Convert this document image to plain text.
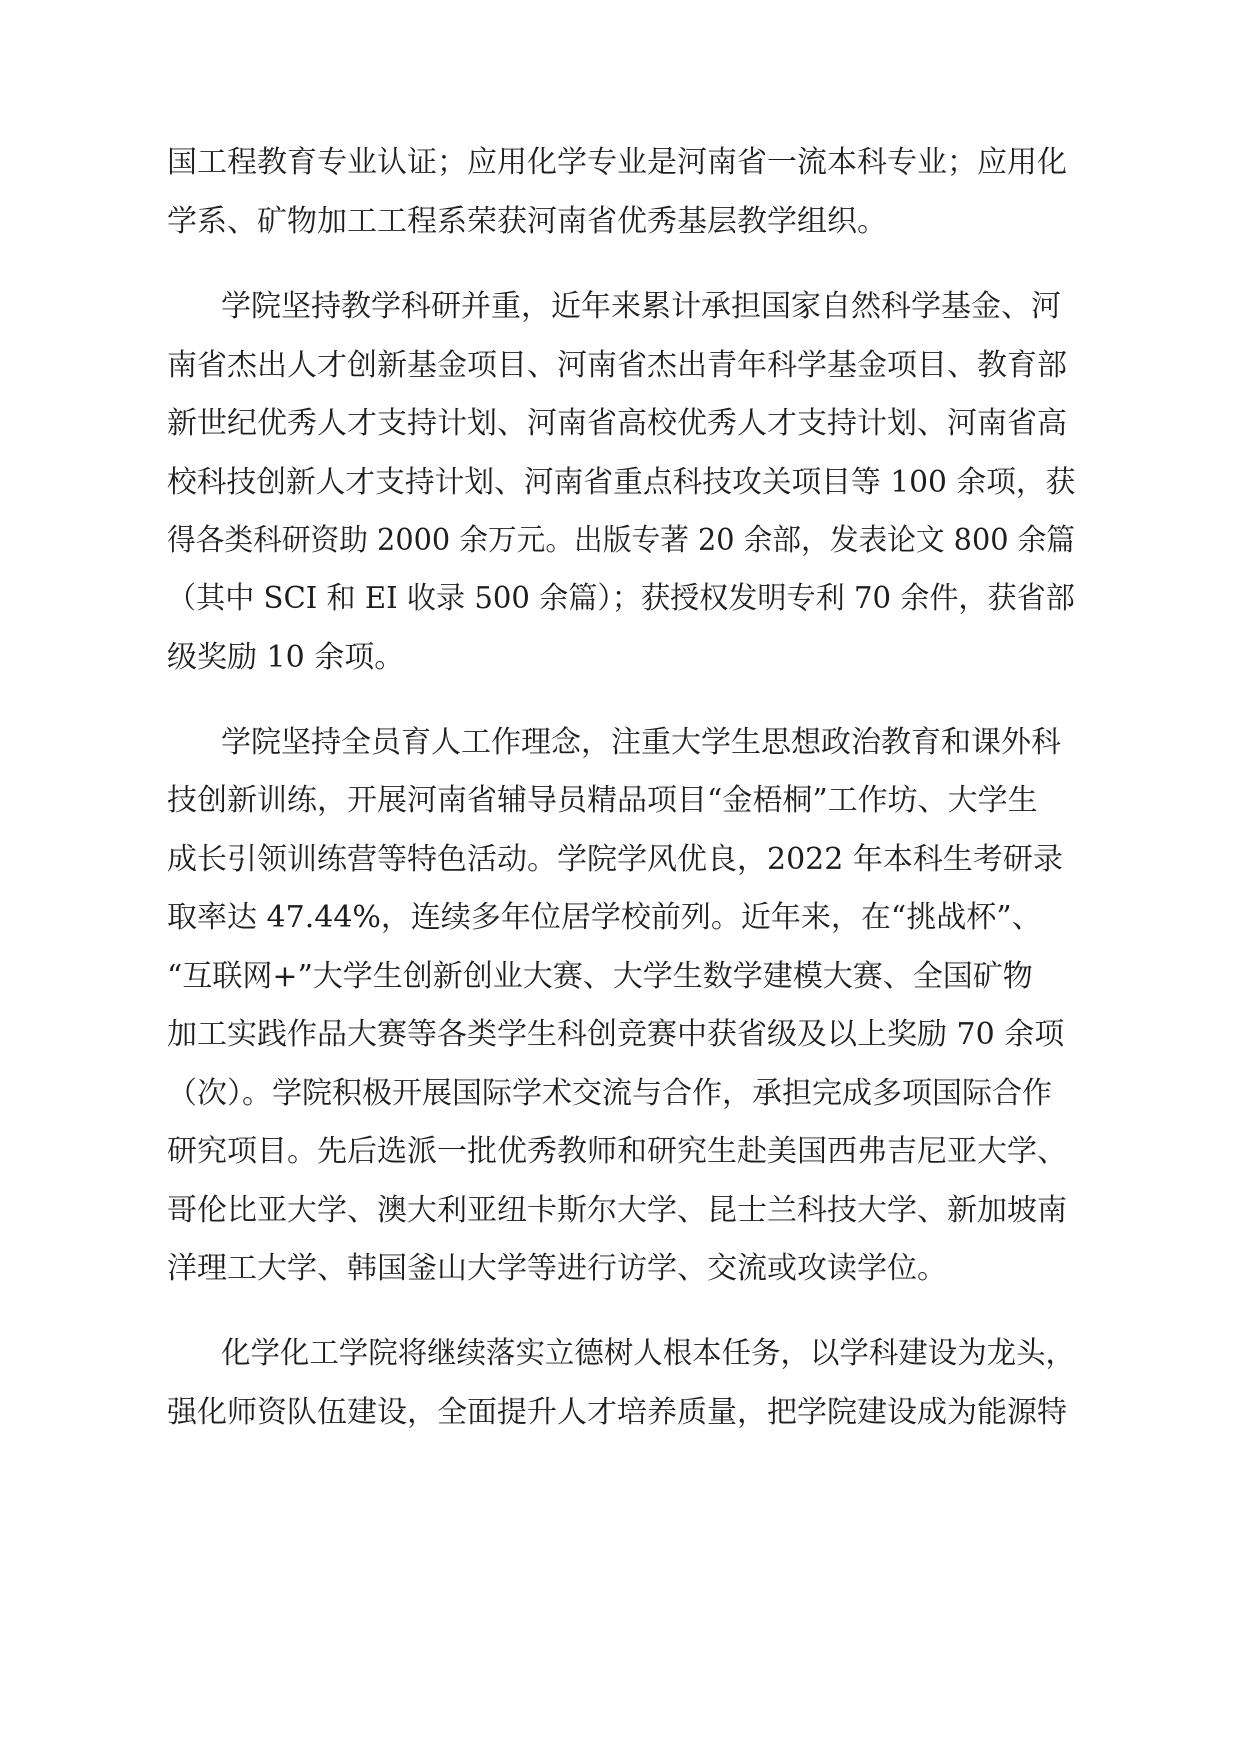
国工程教育专业认证；应用化学专业是河南省一流本科专业；应用化
学系、矿物加工工程系荣获河南省优秀基层教学组织。
学院坚持教学科研并重，近年来累计承担国家自然科学基金、河
南省杰出人才创新基金项目、河南省杰出青年科学基金项目、教育部
新世纪优秀人才支持计划、河南省高校优秀人才支持计划、河南省高
校科技创新人才支持计划、河南省重点科技攻关项目等 100 余项，获
得各类科研资助 2000 余万元。出版专著 20 余部，发表论文 800 余篇
（其中 SCI 和 EI 收录 500 余篇）；获授权发明专利 70 余件，获省部
级奖励 10 余项。
学院坚持全员育人工作理念，注重大学生思想政治教育和课外科
技创新训练，开展河南省辅导员精品项目“金梧桐”工作坊、大学生
成长引领训练营等特色活动。学院学风优良，2022 年本科生考研录
取率达 47.44%，连续多年位居学校前列。近年来，在“挑战杯”、
“互联网+”大学生创新创业大赛、大学生数学建模大赛、全国矿物
加工实践作品大赛等各类学生科创竞赛中获省级及以上奖励 70 余项
（次）。学院积极开展国际学术交流与合作，承担完成多项国际合作
研究项目。先后选派一批优秀教师和研究生赴美国西弗吉尼亚大学、
哥伦比亚大学、澳大利亚纽卡斯尔大学、昆士兰科技大学、新加坡南
洋理工大学、韩国釜山大学等进行访学、交流或攻读学位。
化学化工学院将继续落实立德树人根本任务，以学科建设为龙头，
强化师资队伍建设，全面提升人才培养质量，把学院建设成为能源特
